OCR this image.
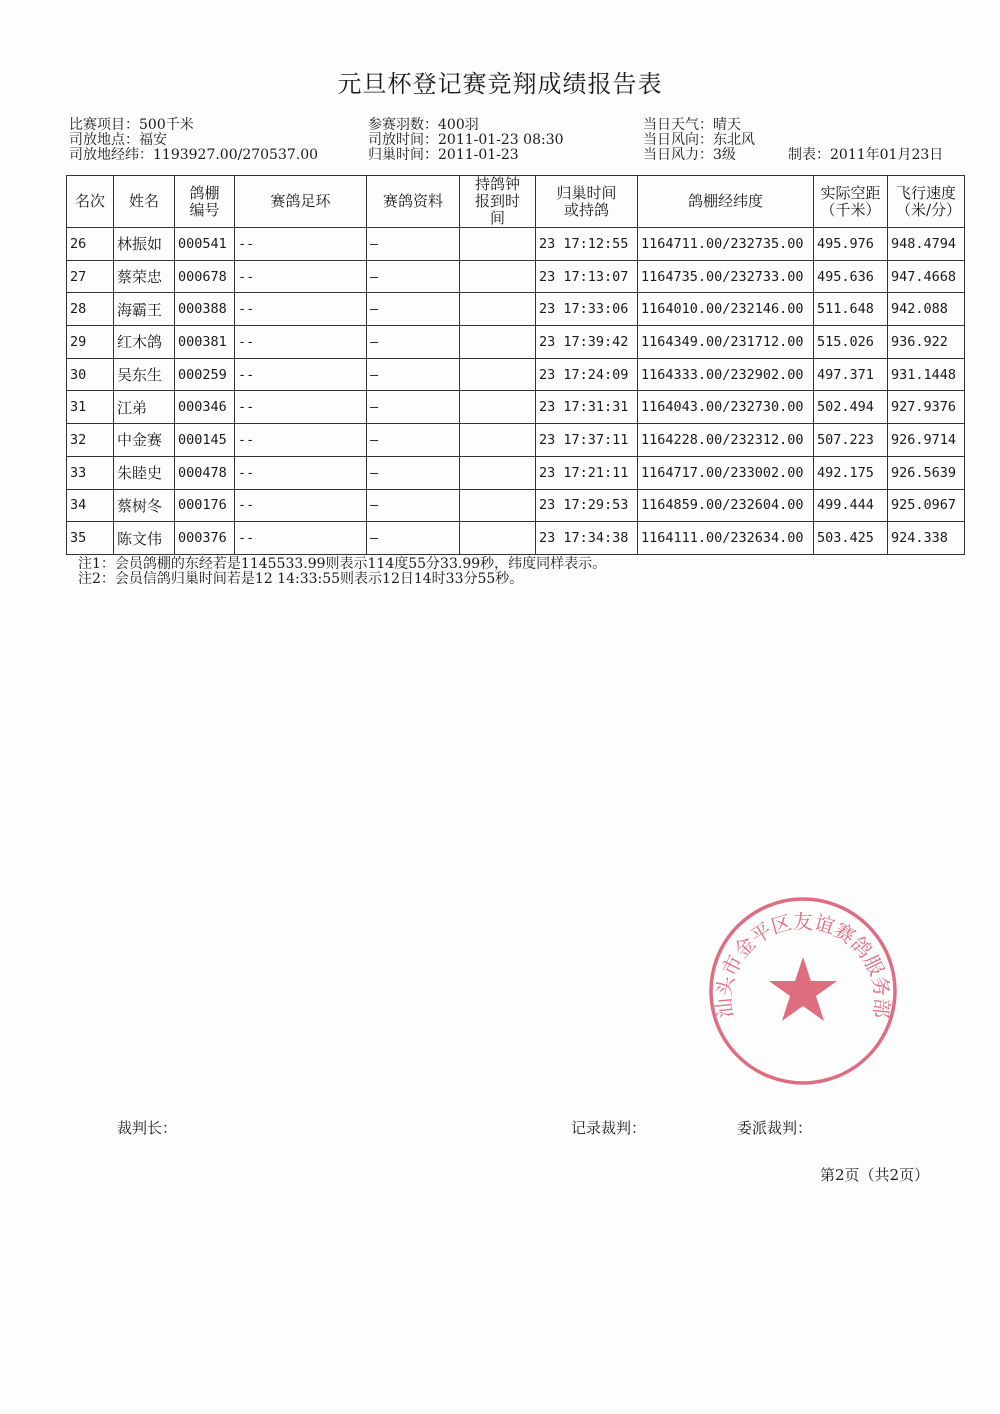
元旦杯登记赛竞翔成绩报告表
比赛项目：500千米
司放地点：福安
司放地经纬：1193927.00/270537.00
参赛羽数：400羽
司放时间：2011-01-23 08:30
归巢时间：2011-01-23
当日天气：晴天
当日风向：东北风
当日风力：3级	制表：2011年01月23日
名次	姓名	鸽棚编号	赛鸽足环	赛鸽资料	持鸽钟报到时间	归巢时间或持鸽	鸽棚经纬度	实际空距（千米）	飞行速度（米/分）
26	林振如	000541	--	—		23 17:12:55	1164711.00/232735.00	495.976	948.4794
27	蔡荣忠	000678	--	—		23 17:13:07	1164735.00/232733.00	495.636	947.4668
28	海霸王	000388	--	—		23 17:33:06	1164010.00/232146.00	511.648	942.088
29	红木鸽	000381	--	—		23 17:39:42	1164349.00/231712.00	515.026	936.922
30	吴东生	000259	--	—		23 17:24:09	1164333.00/232902.00	497.371	931.1448
31	江弟	000346	--	—		23 17:31:31	1164043.00/232730.00	502.494	927.9376
32	中金赛	000145	--	—		23 17:37:11	1164228.00/232312.00	507.223	926.9714
33	朱睦史	000478	--	—		23 17:21:11	1164717.00/233002.00	492.175	926.5639
34	蔡树冬	000176	--	—		23 17:29:53	1164859.00/232604.00	499.444	925.0967
35	陈文伟	000376	--	—		23 17:34:38	1164111.00/232634.00	503.425	924.338
注1：会员鸽棚的东经若是1145533.99则表示114度55分33.99秒，纬度同样表示。
注2：会员信鸽归巢时间若是12 14:33:55则表示12日14时33分55秒。
汕头市金平区友谊赛鸽服务部
裁判长：	记录裁判：	委派裁判：
第2页（共2页）
